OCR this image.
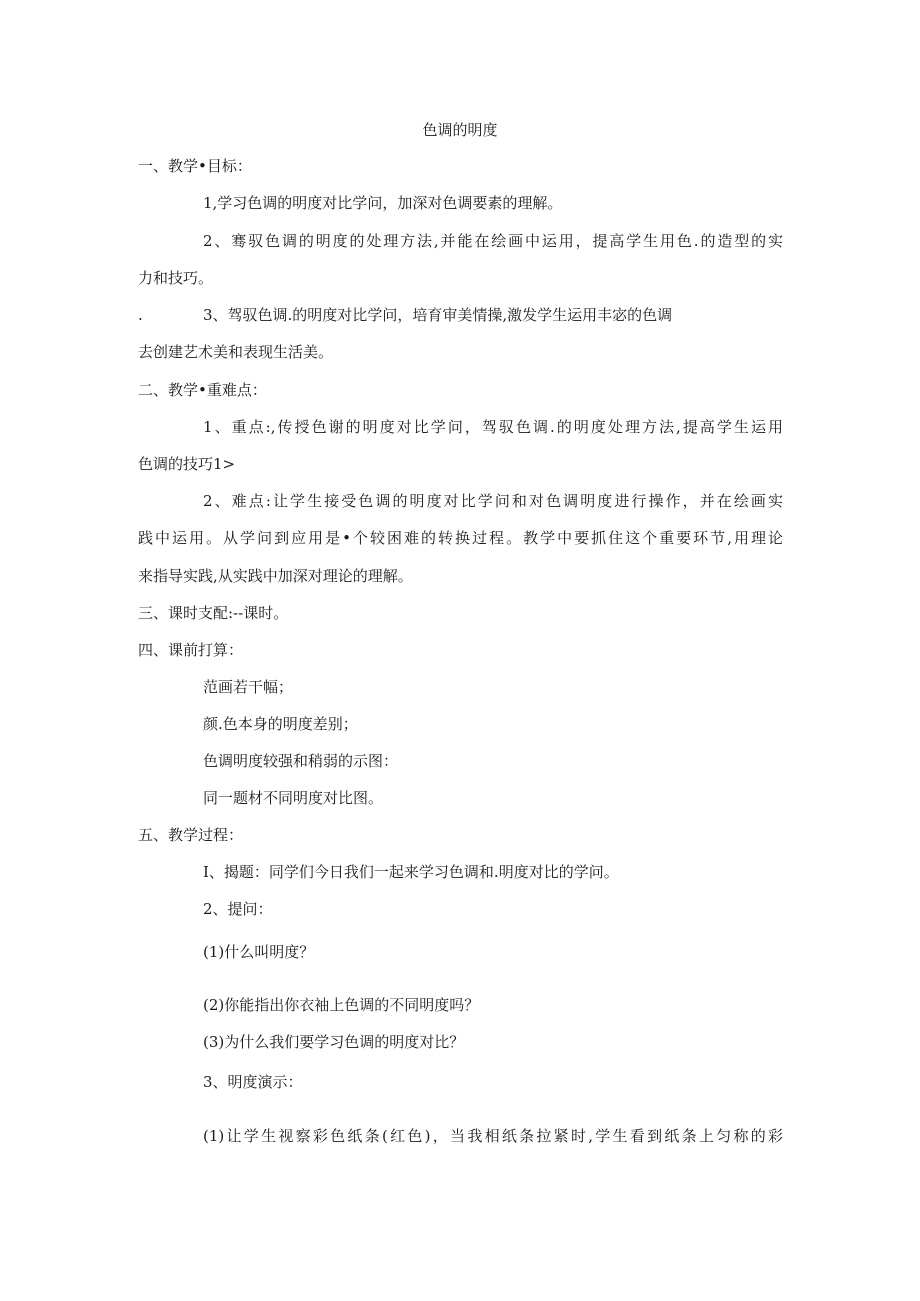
色调的明度
一、教学•目标：
1,学习色调的明度对比学问，加深对色调要素的理解。
2、骞驭色调的明度的处理方法,并能在绘画中运用，提高学生用色.的造型的实
力和技巧。
.	3、驾驭色调.的明度对比学问，培育审美情操,激发学生运用丰宓的色调
去创建艺术美和表现生活美。
二、教学•重难点：
1、重点:,传授色谢的明度对比学问，驾驭色调.的明度处理方法,提高学生运用
色调的技巧1>
2、难点:让学生接受色调的明度对比学问和对色调明度进行操作，并在绘画实
践中运用。从学问到应用是•个较困难的转换过程。教学中要抓住这个重要环节,用理论
来指导实践,从实践中加深对理论的理解。
三、课时支配:--课时。
四、课前打算：
范画若干幅；
颜.色本身的明度差别；
色调明度较强和稍弱的示图：
同一题材不同明度对比图。
五、教学过程：
I、揭题：同学们今日我们一起来学习色调和.明度对比的学问。
2、提问：
(1)什么叫明度？
(2)你能指出你衣袖上色调的不同明度吗？
(3)为什么我们要学习色调的明度对比？
3、明度演示：
(1)让学生视察彩色纸条(红色)，当我相纸条拉紧时,学生看到纸条上匀称的彩
